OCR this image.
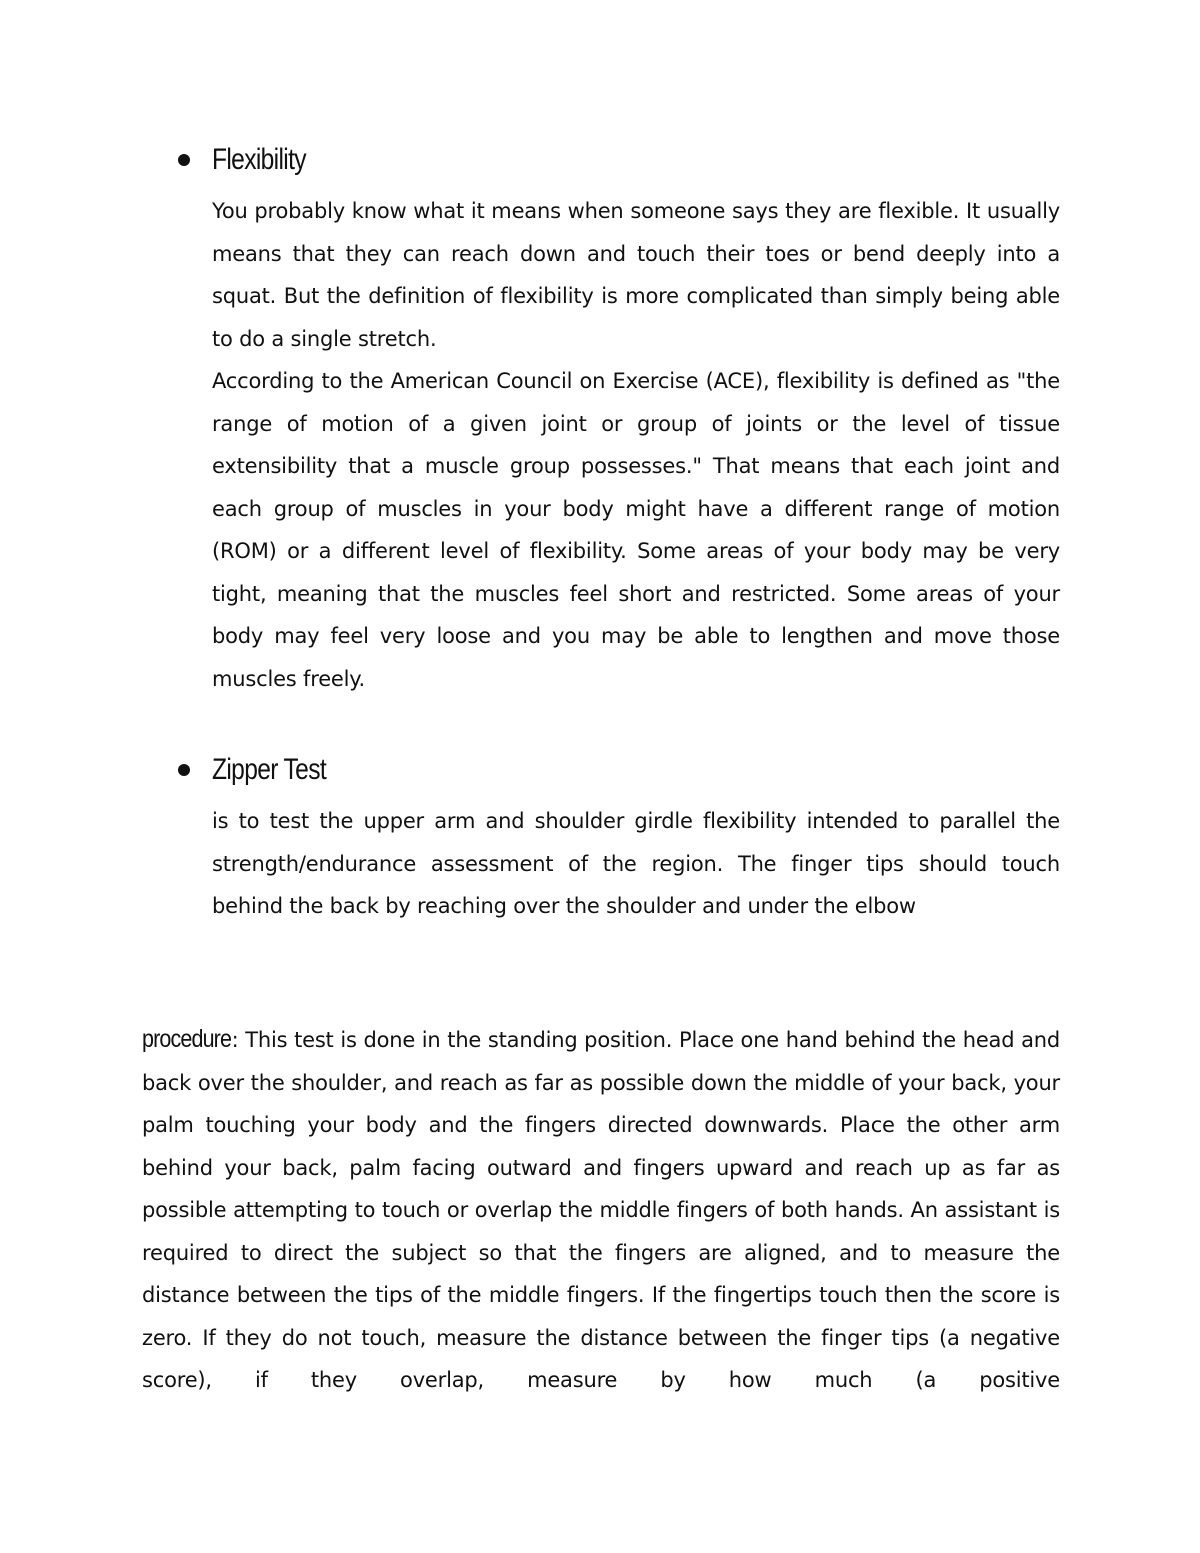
Flexibility

You probably know what it means when someone says they are flexible. It usually means that they can reach down and touch their toes or bend deeply into a squat. But the definition of flexibility is more complicated than simply being able to do a single stretch.

According to the American Council on Exercise (ACE), flexibility is defined as "the range of motion of a given joint or group of joints or the level of tissue extensibility that a muscle group possesses." That means that each joint and each group of muscles in your body might have a different range of motion (ROM) or a different level of flexibility. Some areas of your body may be very tight, meaning that the muscles feel short and restricted. Some areas of your body may feel very loose and you may be able to lengthen and move those muscles freely.

Zipper Test

is to test the upper arm and shoulder girdle flexibility intended to parallel the strength/endurance assessment of the region. The finger tips should touch behind the back by reaching over the shoulder and under the elbow

procedure: This test is done in the standing position. Place one hand behind the head and back over the shoulder, and reach as far as possible down the middle of your back, your palm touching your body and the fingers directed downwards. Place the other arm behind your back, palm facing outward and fingers upward and reach up as far as possible attempting to touch or overlap the middle fingers of both hands. An assistant is required to direct the subject so that the fingers are aligned, and to measure the distance between the tips of the middle fingers. If the fingertips touch then the score is zero. If they do not touch, measure the distance between the finger tips (a negative score), if they overlap, measure by how much (a positive
